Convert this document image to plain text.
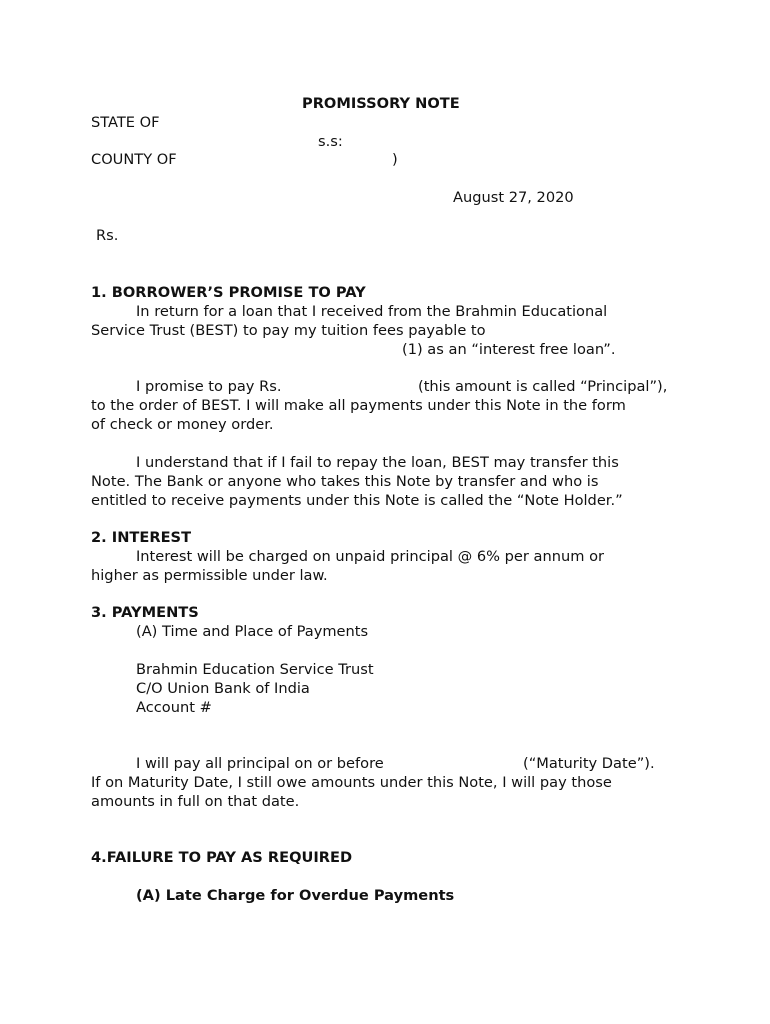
PROMISSORY NOTE
STATE OF
s.s:
COUNTY OF	)
August 27, 2020
Rs.
1. BORROWER’S PROMISE TO PAY
In return for a loan that I received from the Brahmin Educational
Service Trust (BEST) to pay my tuition fees payable to
(1) as an “interest free loan”.
I promise to pay Rs.	(this amount is called “Principal”),
to the order of BEST. I will make all payments under this Note in the form
of check or money order.
I understand that if I fail to repay the loan, BEST may transfer this
Note. The Bank or anyone who takes this Note by transfer and who is
entitled to receive payments under this Note is called the “Note Holder.”
2. INTEREST
Interest will be charged on unpaid principal @ 6% per annum or
higher as permissible under law.
3. PAYMENTS
(A) Time and Place of Payments
Brahmin Education Service Trust
C/O Union Bank of India
Account #
I will pay all principal on or before	(“Maturity Date”).
If on Maturity Date, I still owe amounts under this Note, I will pay those
amounts in full on that date.
4.FAILURE TO PAY AS REQUIRED
(A) Late Charge for Overdue Payments
